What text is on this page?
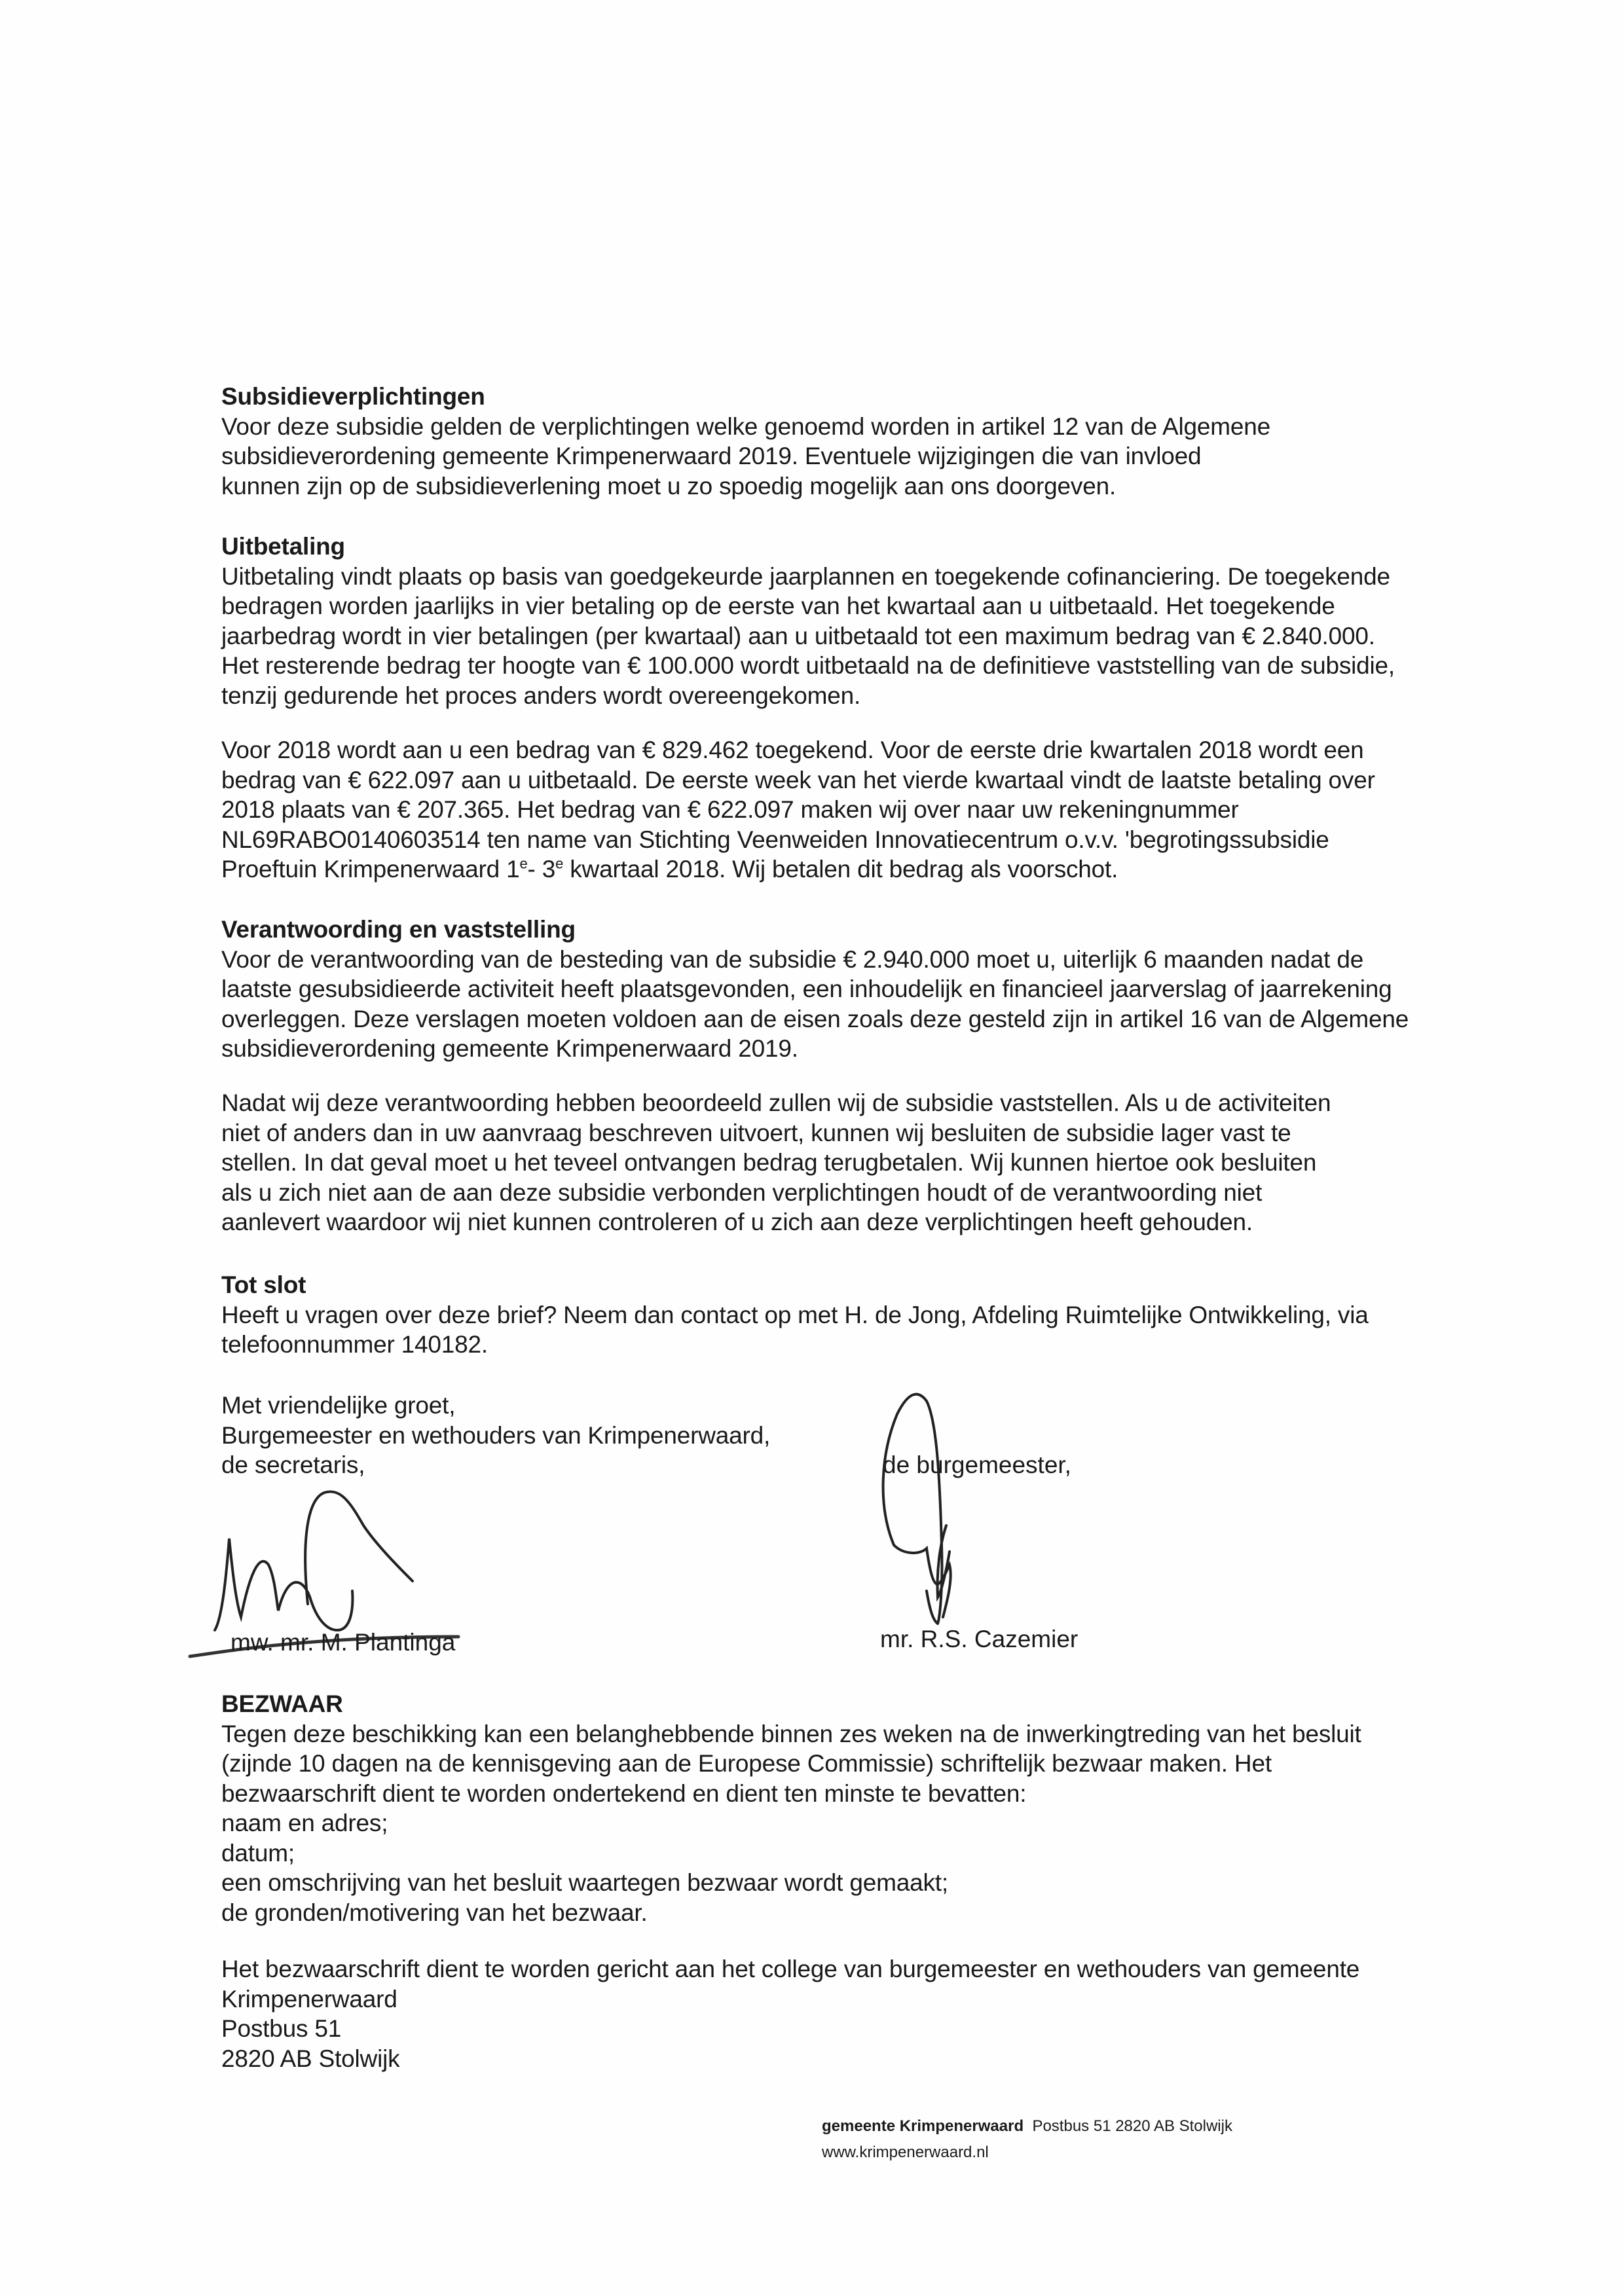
Subsidieverplichtingen
Voor deze subsidie gelden de verplichtingen welke genoemd worden in artikel 12 van de Algemene
subsidieverordening gemeente Krimpenerwaard 2019. Eventuele wijzigingen die van invloed
kunnen zijn op de subsidieverlening moet u zo spoedig mogelijk aan ons doorgeven.
Uitbetaling
Uitbetaling vindt plaats op basis van goedgekeurde jaarplannen en toegekende cofinanciering. De toegekende
bedragen worden jaarlijks in vier betaling op de eerste van het kwartaal aan u uitbetaald. Het toegekende
jaarbedrag wordt in vier betalingen (per kwartaal) aan u uitbetaald tot een maximum bedrag van € 2.840.000.
Het resterende bedrag ter hoogte van € 100.000 wordt uitbetaald na de definitieve vaststelling van de subsidie,
tenzij gedurende het proces anders wordt overeengekomen.
Voor 2018 wordt aan u een bedrag van € 829.462 toegekend. Voor de eerste drie kwartalen 2018 wordt een
bedrag van € 622.097 aan u uitbetaald. De eerste week van het vierde kwartaal vindt de laatste betaling over
2018 plaats van € 207.365. Het bedrag van € 622.097 maken wij over naar uw rekeningnummer
NL69RABO0140603514 ten name van Stichting Veenweiden Innovatiecentrum o.v.v. 'begrotingssubsidie
Proeftuin Krimpenerwaard 1e- 3e kwartaal 2018. Wij betalen dit bedrag als voorschot.
Verantwoording en vaststelling
Voor de verantwoording van de besteding van de subsidie € 2.940.000 moet u, uiterlijk 6 maanden nadat de
laatste gesubsidieerde activiteit heeft plaatsgevonden, een inhoudelijk en financieel jaarverslag of jaarrekening
overleggen. Deze verslagen moeten voldoen aan de eisen zoals deze gesteld zijn in artikel 16 van de Algemene
subsidieverordening gemeente Krimpenerwaard 2019.
Nadat wij deze verantwoording hebben beoordeeld zullen wij de subsidie vaststellen. Als u de activiteiten
niet of anders dan in uw aanvraag beschreven uitvoert, kunnen wij besluiten de subsidie lager vast te
stellen. In dat geval moet u het teveel ontvangen bedrag terugbetalen. Wij kunnen hiertoe ook besluiten
als u zich niet aan de aan deze subsidie verbonden verplichtingen houdt of de verantwoording niet
aanlevert waardoor wij niet kunnen controleren of u zich aan deze verplichtingen heeft gehouden.
Tot slot
Heeft u vragen over deze brief? Neem dan contact op met H. de Jong, Afdeling Ruimtelijke Ontwikkeling, via
telefoonnummer 140182.
Met vriendelijke groet,
Burgemeester en wethouders van Krimpenerwaard,
de secretaris,	de burgemeester,
mw. mr. M. Plantinga	mr. R.S. Cazemier
BEZWAAR
Tegen deze beschikking kan een belanghebbende binnen zes weken na de inwerkingtreding van het besluit
(zijnde 10 dagen na de kennisgeving aan de Europese Commissie) schriftelijk bezwaar maken. Het
bezwaarschrift dient te worden ondertekend en dient ten minste te bevatten:
naam en adres;
datum;
een omschrijving van het besluit waartegen bezwaar wordt gemaakt;
de gronden/motivering van het bezwaar.
Het bezwaarschrift dient te worden gericht aan het college van burgemeester en wethouders van gemeente
Krimpenerwaard
Postbus 51
2820 AB Stolwijk
gemeente Krimpenerwaard Postbus 51 2820 AB Stolwijk
www.krimpenerwaard.nl
